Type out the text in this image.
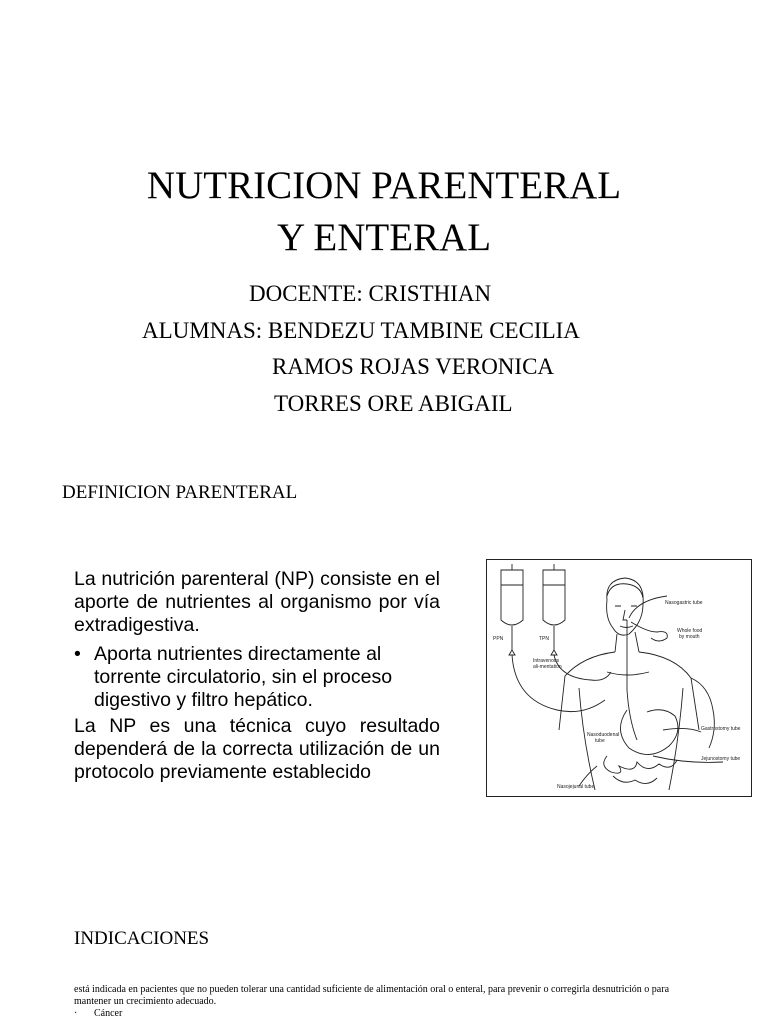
NUTRICION PARENTERAL
Y ENTERAL
DOCENTE: CRISTHIAN
ALUMNAS: BENDEZU TAMBINE CECILIA
RAMOS ROJAS VERONICA
TORRES ORE ABIGAIL
DEFINICION PARENTERAL
La nutrición parenteral (NP) consiste en el aporte de nutrientes al organismo por vía extradigestiva.
• Aporta nutrientes directamente al torrente circulatorio, sin el proceso digestivo y filtro hepático.
La NP es una técnica cuyo resultado dependerá de la correcta utilización de un protocolo previamente establecido
PPN	TPN
Intravenous
ali-mentation
Nasogastric tube
Whole food
by mouth
Gastrostomy tube
Nasoduodenal
tube
Jejunostomy tube
Nasojejunal tube
INDICACIONES
está indicada en pacientes que no pueden tolerar una cantidad suficiente de alimentación oral o enteral, para prevenir o corregirla desnutrición o para mantener un crecimiento adecuado.
·	Cáncer
